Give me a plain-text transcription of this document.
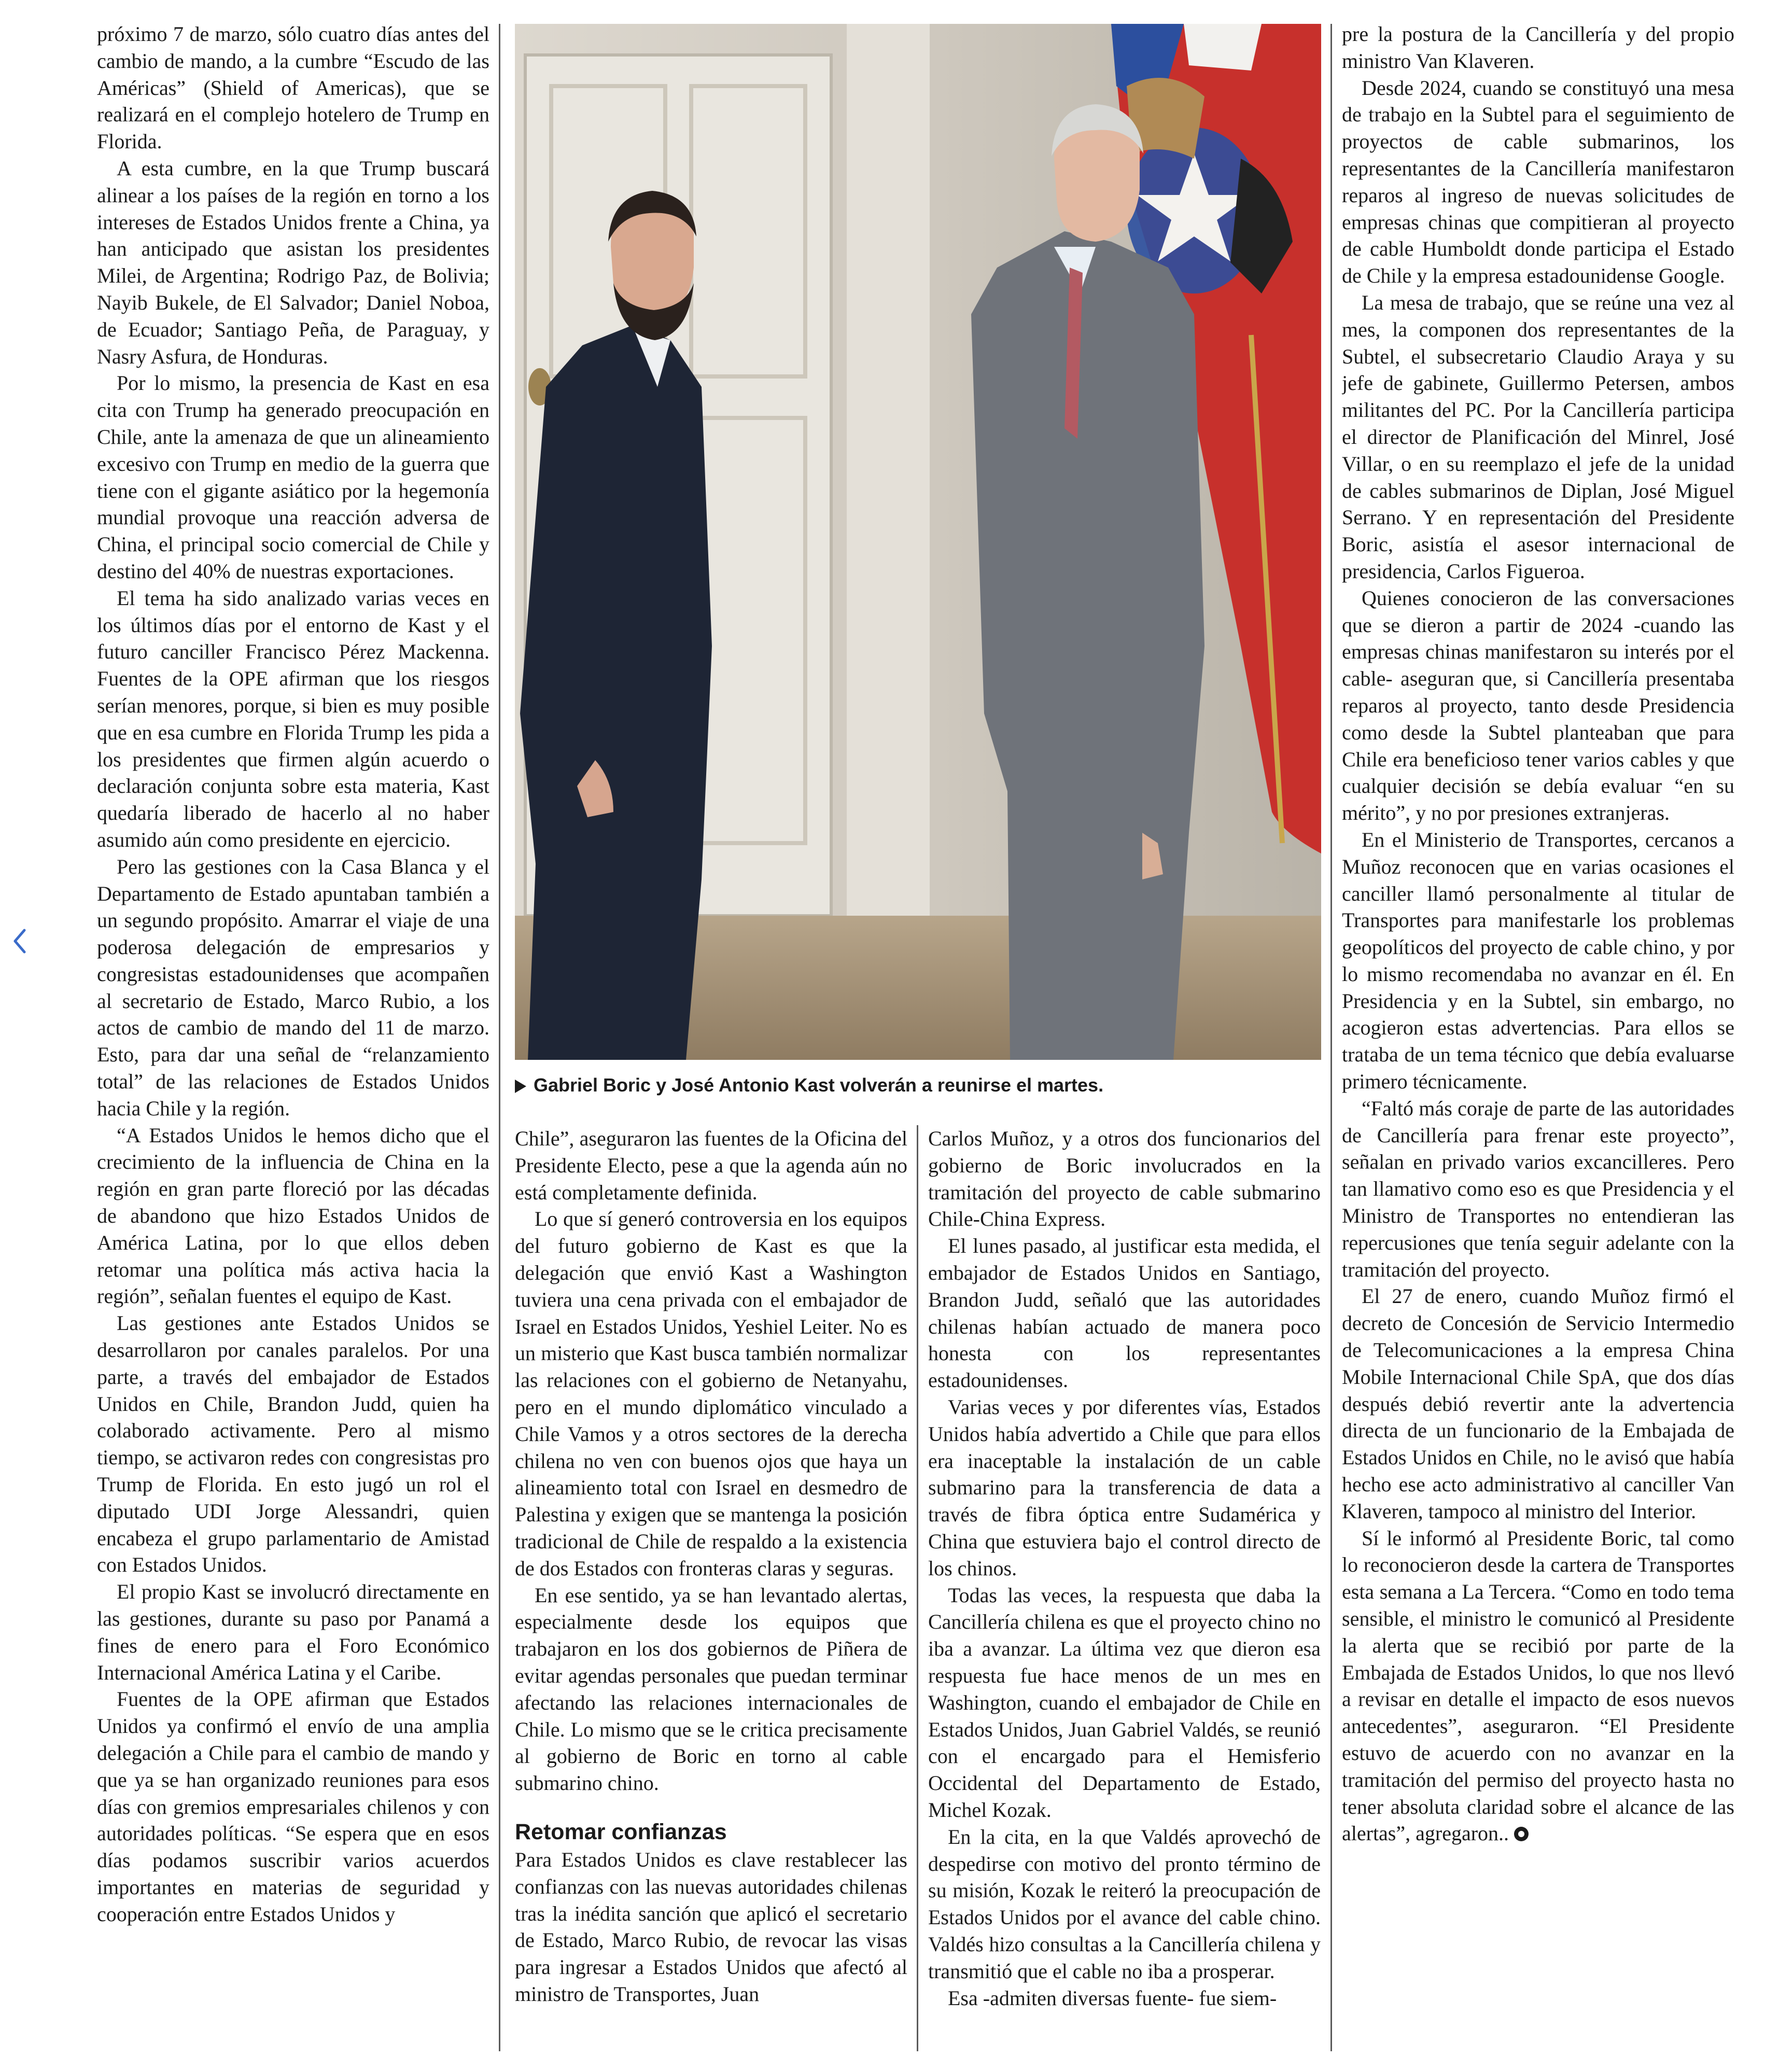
próximo 7 de marzo, sólo cuatro días antes del cambio de mando, a la cumbre “Escudo de las Américas” (Shield of Americas), que se realizará en el complejo hotelero de Trump en Florida.

A esta cumbre, en la que Trump buscará alinear a los países de la región en torno a los intereses de Estados Unidos frente a China, ya han anticipado que asistan los presidentes Milei, de Argentina; Rodrigo Paz, de Bolivia; Nayib Bukele, de El Salvador; Daniel Noboa, de Ecuador; Santiago Peña, de Paraguay, y Nasry Asfura, de Honduras.

Por lo mismo, la presencia de Kast en esa cita con Trump ha generado preocupación en Chile, ante la amenaza de que un alineamiento excesivo con Trump en medio de la guerra que tiene con el gigante asiático por la hegemonía mundial provoque una reacción adversa de China, el principal socio comercial de Chile y destino del 40% de nuestras exportaciones.

El tema ha sido analizado varias veces en los últimos días por el entorno de Kast y el futuro canciller Francisco Pérez Mackenna. Fuentes de la OPE afirman que los riesgos serían menores, porque, si bien es muy posible que en esa cumbre en Florida Trump les pida a los presidentes que firmen algún acuerdo o declaración conjunta sobre esta materia, Kast quedaría liberado de hacerlo al no haber asumido aún como presidente en ejercicio.

Pero las gestiones con la Casa Blanca y el Departamento de Estado apuntaban también a un segundo propósito. Amarrar el viaje de una poderosa delegación de empresarios y congresistas estadounidenses que acompañen al secretario de Estado, Marco Rubio, a los actos de cambio de mando del 11 de marzo. Esto, para dar una señal de “relanzamiento total” de las relaciones de Estados Unidos hacia Chile y la región.

“A Estados Unidos le hemos dicho que el crecimiento de la influencia de China en la región en gran parte floreció por las décadas de abandono que hizo Estados Unidos de América Latina, por lo que ellos deben retomar una política más activa hacia la región”, señalan fuentes el equipo de Kast.

Las gestiones ante Estados Unidos se desarrollaron por canales paralelos. Por una parte, a través del embajador de Estados Unidos en Chile, Brandon Judd, quien ha colaborado activamente. Pero al mismo tiempo, se activaron redes con congresistas pro Trump de Florida. En esto jugó un rol el diputado UDI Jorge Alessandri, quien encabeza el grupo parlamentario de Amistad con Estados Unidos.

El propio Kast se involucró directamente en las gestiones, durante su paso por Panamá a fines de enero para el Foro Económico Internacional América Latina y el Caribe.

Fuentes de la OPE afirman que Estados Unidos ya confirmó el envío de una amplia delegación a Chile para el cambio de mando y que ya se han organizado reuniones para esos días con gremios empresariales chilenos y con autoridades políticas. “Se espera que en esos días podamos suscribir varios acuerdos importantes en materias de seguridad y cooperación entre Estados Unidos y

Gabriel Boric y José Antonio Kast volverán a reunirse el martes.

Chile”, aseguraron las fuentes de la Oficina del Presidente Electo, pese a que la agenda aún no está completamente definida.

Lo que sí generó controversia en los equipos del futuro gobierno de Kast es que la delegación que envió Kast a Washington tuviera una cena privada con el embajador de Israel en Estados Unidos, Yeshiel Leiter. No es un misterio que Kast busca también normalizar las relaciones con el gobierno de Netanyahu, pero en el mundo diplomático vinculado a Chile Vamos y a otros sectores de la derecha chilena no ven con buenos ojos que haya un alineamiento total con Israel en desmedro de Palestina y exigen que se mantenga la posición tradicional de Chile de respaldo a la existencia de dos Estados con fronteras claras y seguras.

En ese sentido, ya se han levantado alertas, especialmente desde los equipos que trabajaron en los dos gobiernos de Piñera de evitar agendas personales que puedan terminar afectando las relaciones internacionales de Chile. Lo mismo que se le critica precisamente al gobierno de Boric en torno al cable submarino chino.

Retomar confianzas

Para Estados Unidos es clave restablecer las confianzas con las nuevas autoridades chilenas tras la inédita sanción que aplicó el secretario de Estado, Marco Rubio, de revocar las visas para ingresar a Estados Unidos que afectó al ministro de Transportes, Juan

Carlos Muñoz, y a otros dos funcionarios del gobierno de Boric involucrados en la tramitación del proyecto de cable submarino Chile-China Express.

El lunes pasado, al justificar esta medida, el embajador de Estados Unidos en Santiago, Brandon Judd, señaló que las autoridades chilenas habían actuado de manera poco honesta con los representantes estadounidenses.

Varias veces y por diferentes vías, Estados Unidos había advertido a Chile que para ellos era inaceptable la instalación de un cable submarino para la transferencia de data a través de fibra óptica entre Sudamérica y China que estuviera bajo el control directo de los chinos.

Todas las veces, la respuesta que daba la Cancillería chilena es que el proyecto chino no iba a avanzar. La última vez que dieron esa respuesta fue hace menos de un mes en Washington, cuando el embajador de Chile en Estados Unidos, Juan Gabriel Valdés, se reunió con el encargado para el Hemisferio Occidental del Departamento de Estado, Michel Kozak.

En la cita, en la que Valdés aprovechó de despedirse con motivo del pronto término de su misión, Kozak le reiteró la preocupación de Estados Unidos por el avance del cable chino. Valdés hizo consultas a la Cancillería chilena y transmitió que el cable no iba a prosperar.

Esa -admiten diversas fuente- fue siem-

pre la postura de la Cancillería y del propio ministro Van Klaveren.

Desde 2024, cuando se constituyó una mesa de trabajo en la Subtel para el seguimiento de proyectos de cable submarinos, los representantes de la Cancillería manifestaron reparos al ingreso de nuevas solicitudes de empresas chinas que compitieran al proyecto de cable Humboldt donde participa el Estado de Chile y la empresa estadounidense Google.

La mesa de trabajo, que se reúne una vez al mes, la componen dos representantes de la Subtel, el subsecretario Claudio Araya y su jefe de gabinete, Guillermo Petersen, ambos militantes del PC. Por la Cancillería participa el director de Planificación del Minrel, José Villar, o en su reemplazo el jefe de la unidad de cables submarinos de Diplan, José Miguel Serrano. Y en representación del Presidente Boric, asistía el asesor internacional de presidencia, Carlos Figueroa.

Quienes conocieron de las conversaciones que se dieron a partir de 2024 -cuando las empresas chinas manifestaron su interés por el cable- aseguran que, si Cancillería presentaba reparos al proyecto, tanto desde Presidencia como desde la Subtel planteaban que para Chile era beneficioso tener varios cables y que cualquier decisión se debía evaluar “en su mérito”, y no por presiones extranjeras.

En el Ministerio de Transportes, cercanos a Muñoz reconocen que en varias ocasiones el canciller llamó personalmente al titular de Transportes para manifestarle los problemas geopolíticos del proyecto de cable chino, y por lo mismo recomendaba no avanzar en él. En Presidencia y en la Subtel, sin embargo, no acogieron estas advertencias. Para ellos se trataba de un tema técnico que debía evaluarse primero técnicamente.

“Faltó más coraje de parte de las autoridades de Cancillería para frenar este proyecto”, señalan en privado varios excancilleres. Pero tan llamativo como eso es que Presidencia y el Ministro de Transportes no entendieran las repercusiones que tenía seguir adelante con la tramitación del proyecto.

El 27 de enero, cuando Muñoz firmó el decreto de Concesión de Servicio Intermedio de Telecomunicaciones a la empresa China Mobile Internacional Chile SpA, que dos días después debió revertir ante la advertencia directa de un funcionario de la Embajada de Estados Unidos en Chile, no le avisó que había hecho ese acto administrativo al canciller Van Klaveren, tampoco al ministro del Interior.

Sí le informó al Presidente Boric, tal como lo reconocieron desde la cartera de Transportes esta semana a La Tercera. “Como en todo tema sensible, el ministro le comunicó al Presidente la alerta que se recibió por parte de la Embajada de Estados Unidos, lo que nos llevó a revisar en detalle el impacto de esos nuevos antecedentes”, aseguraron. “El Presidente estuvo de acuerdo con no avanzar en la tramitación del permiso del proyecto hasta no tener absoluta claridad sobre el alcance de las alertas”, agregaron..
